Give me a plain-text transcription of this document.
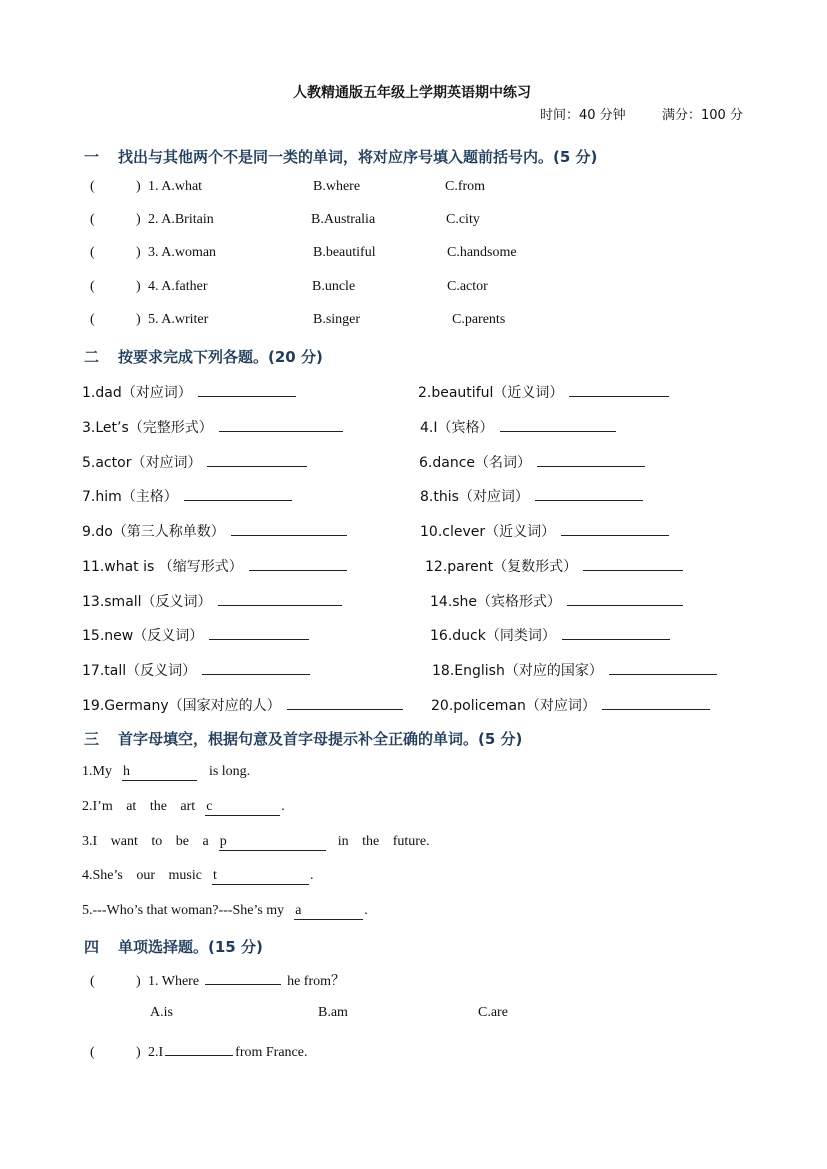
人教精通版五年级上学期英语期中练习
时间：40 分钟	满分：100 分
一 找出与其他两个不是同一类的单词，将对应序号填入题前括号内。(5 分)
(	) 1. A.what	B.where	C.from
(	) 2. A.Britain	B.Australia	C.city
(	) 3. A.woman	B.beautiful	C.handsome
(	) 4. A.father	B.uncle	C.actor
(	) 5. A.writer	B.singer	C.parents
二 按要求完成下列各题。(20 分)
1.dad（对应词）	2.beautiful（近义词）
3.Let’s（完整形式）	4.I（宾格）
5.actor（对应词）	6.dance（名词）
7.him（主格）	8.this（对应词）
9.do（第三人称单数）	10.clever（近义词）
11.what is （缩写形式）	12.parent（复数形式）
13.small（反义词）	14.she（宾格形式）
15.new（反义词）	16.duck（同类词）
17.tall（反义词）	18.English（对应的国家）
19.Germany（国家对应的人）	20.policeman（对应词）
三 首字母填空，根据句意及首字母提示补全正确的单词。(5 分)
1.My h	is long.
2.I’m at the art c	.
3.I want to be a p	in the future.
4.She’s our music t	.
5.---Who’s that woman?---She’s my a	.
四 单项选择题。(15 分)
(	) 1. Where	he from？
A.is	B.am	C.are
(	) 2.I	from France.
